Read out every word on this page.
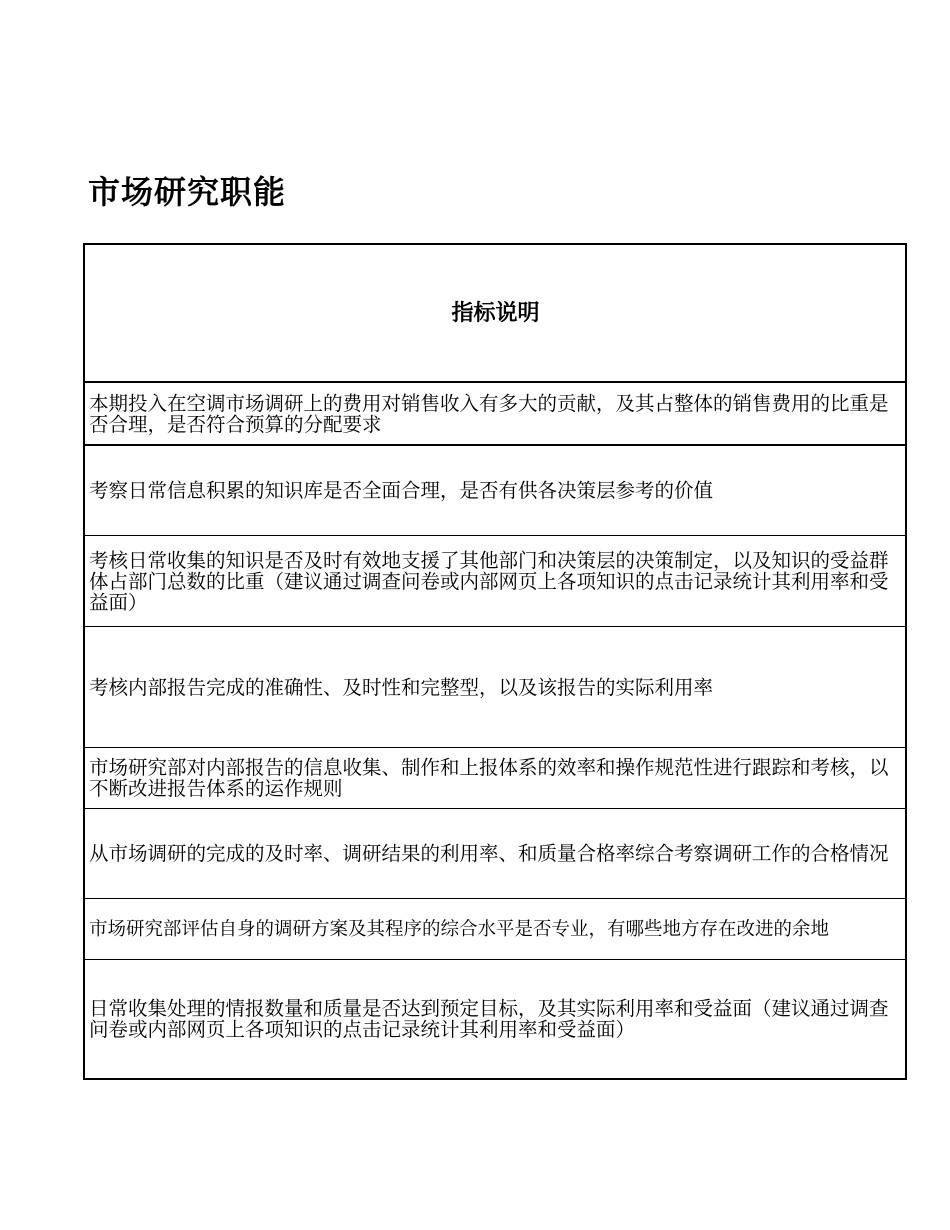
市场研究职能
指标说明
本期投入在空调市场调研上的费用对销售收入有多大的贡献，及其占整体的销售费用的比重是否合理，是否符合预算的分配要求
考察日常信息积累的知识库是否全面合理，是否有供各决策层参考的价值
考核日常收集的知识是否及时有效地支援了其他部门和决策层的决策制定，以及知识的受益群体占部门总数的比重（建议通过调查问卷或内部网页上各项知识的点击记录统计其利用率和受益面）
考核内部报告完成的准确性、及时性和完整型，以及该报告的实际利用率
市场研究部对内部报告的信息收集、制作和上报体系的效率和操作规范性进行跟踪和考核，以不断改进报告体系的运作规则
从市场调研的完成的及时率、调研结果的利用率、和质量合格率综合考察调研工作的合格情况
市场研究部评估自身的调研方案及其程序的综合水平是否专业，有哪些地方存在改进的余地
日常收集处理的情报数量和质量是否达到预定目标，及其实际利用率和受益面（建议通过调查问卷或内部网页上各项知识的点击记录统计其利用率和受益面）
